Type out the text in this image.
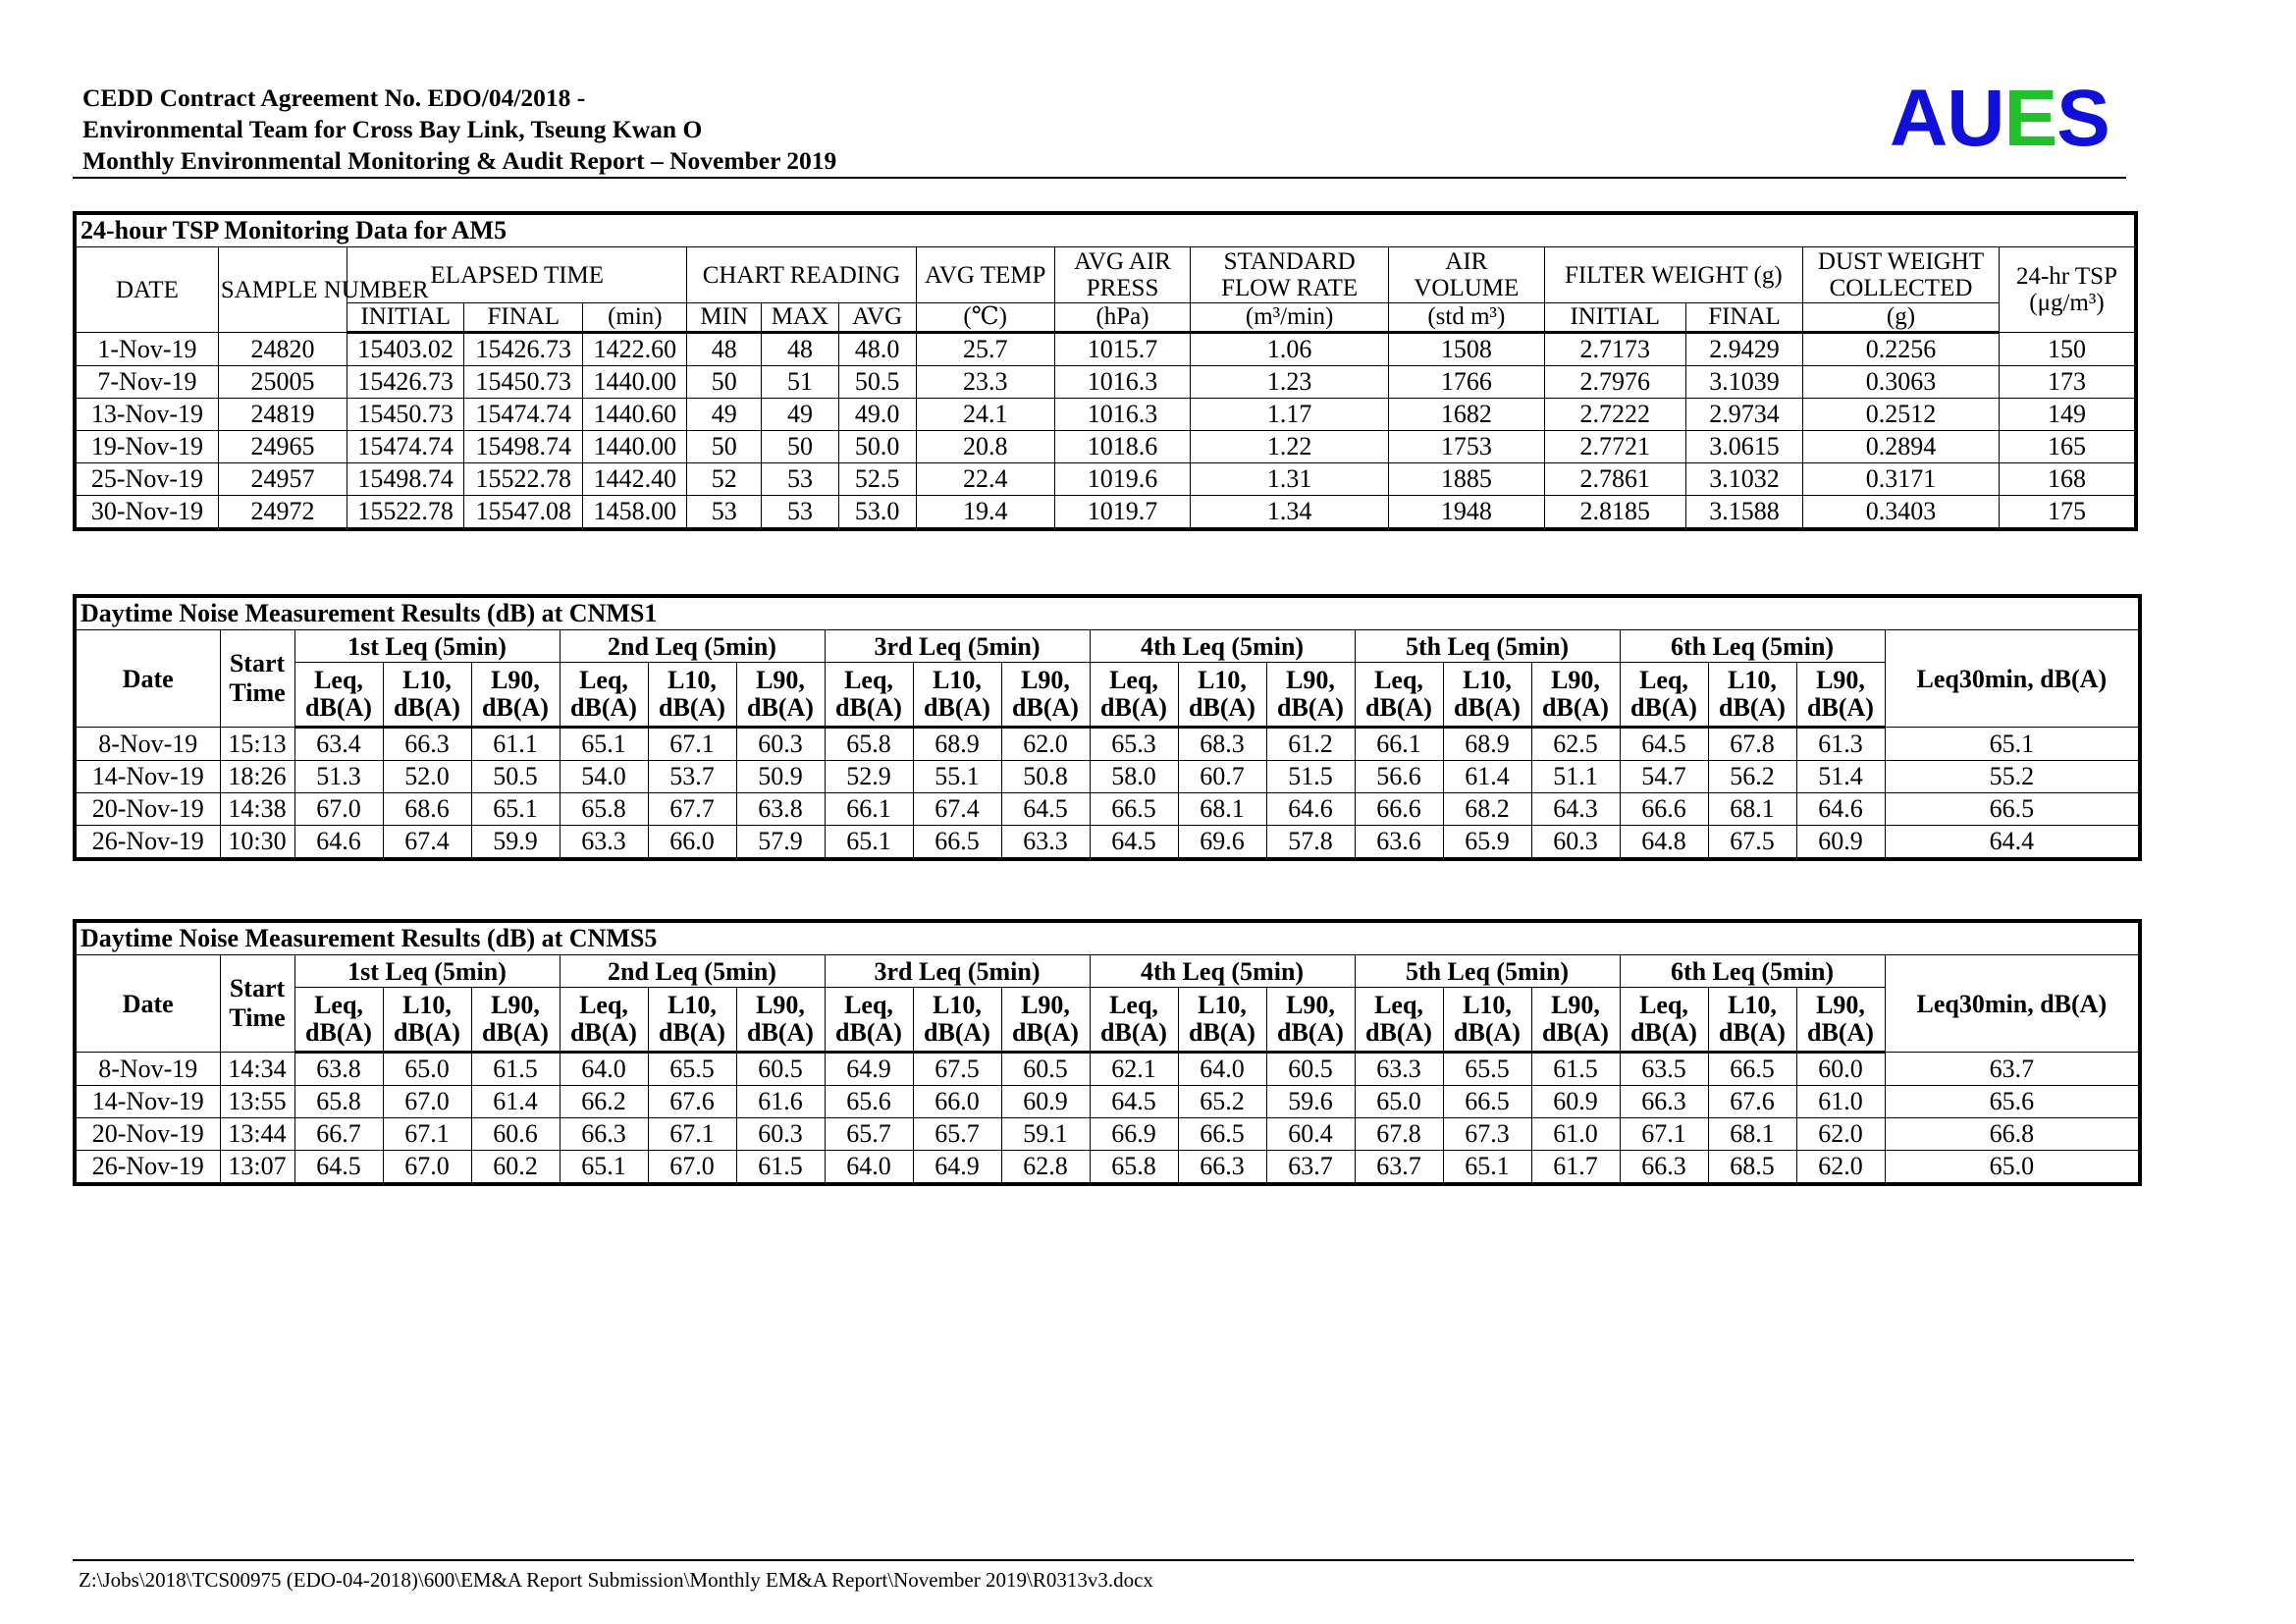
CEDD Contract Agreement No. EDO/04/2018 -
Environmental Team for Cross Bay Link, Tseung Kwan O
Monthly Environmental Monitoring & Audit Report – November 2019	AUES
24-hour TSP Monitoring Data for AM5															
DATE	SAMPLE NUMBER	ELAPSED TIME			CHART READING			AVG TEMP	AVG AIR PRESS	STANDARD FLOW RATE	AIR VOLUME	FILTER WEIGHT (g)		DUST WEIGHT COLLECTED	24-hr TSP
(μg/m³)
		INITIAL	FINAL	(min)	MIN	MAX	AVG	(℃)	(hPa)	(m³/min)	(std m³)	INITIAL	FINAL	(g)	
1-Nov-19	24820	15403.02	15426.73	1422.60	48	48	48.0	25.7	1015.7	1.06	1508	2.7173	2.9429	0.2256	150
7-Nov-19	25005	15426.73	15450.73	1440.00	50	51	50.5	23.3	1016.3	1.23	1766	2.7976	3.1039	0.3063	173
13-Nov-19	24819	15450.73	15474.74	1440.60	49	49	49.0	24.1	1016.3	1.17	1682	2.7222	2.9734	0.2512	149
19-Nov-19	24965	15474.74	15498.74	1440.00	50	50	50.0	20.8	1018.6	1.22	1753	2.7721	3.0615	0.2894	165
25-Nov-19	24957	15498.74	15522.78	1442.40	52	53	52.5	22.4	1019.6	1.31	1885	2.7861	3.1032	0.3171	168
30-Nov-19	24972	15522.78	15547.08	1458.00	53	53	53.0	19.4	1019.7	1.34	1948	2.8185	3.1588	0.3403	175
Daytime Noise Measurement Results (dB) at CNMS1																				
Date	Start Time	1st Leq (5min)			2nd Leq (5min)			3rd Leq (5min)			4th Leq (5min)			5th Leq (5min)			6th Leq (5min)			Leq30min, dB(A)
		Leq, dB(A)	L10, dB(A)	L90, dB(A)	Leq, dB(A)	L10, dB(A)	L90, dB(A)	Leq, dB(A)	L10, dB(A)	L90, dB(A)	Leq, dB(A)	L10, dB(A)	L90, dB(A)	Leq, dB(A)	L10, dB(A)	L90, dB(A)	Leq, dB(A)	L10, dB(A)	L90, dB(A)	
8-Nov-19	15:13	63.4	66.3	61.1	65.1	67.1	60.3	65.8	68.9	62.0	65.3	68.3	61.2	66.1	68.9	62.5	64.5	67.8	61.3	65.1
14-Nov-19	18:26	51.3	52.0	50.5	54.0	53.7	50.9	52.9	55.1	50.8	58.0	60.7	51.5	56.6	61.4	51.1	54.7	56.2	51.4	55.2
20-Nov-19	14:38	67.0	68.6	65.1	65.8	67.7	63.8	66.1	67.4	64.5	66.5	68.1	64.6	66.6	68.2	64.3	66.6	68.1	64.6	66.5
26-Nov-19	10:30	64.6	67.4	59.9	63.3	66.0	57.9	65.1	66.5	63.3	64.5	69.6	57.8	63.6	65.9	60.3	64.8	67.5	60.9	64.4
Daytime Noise Measurement Results (dB) at CNMS5																				
Date	Start Time	1st Leq (5min)			2nd Leq (5min)			3rd Leq (5min)			4th Leq (5min)			5th Leq (5min)			6th Leq (5min)			Leq30min, dB(A)
		Leq, dB(A)	L10, dB(A)	L90, dB(A)	Leq, dB(A)	L10, dB(A)	L90, dB(A)	Leq, dB(A)	L10, dB(A)	L90, dB(A)	Leq, dB(A)	L10, dB(A)	L90, dB(A)	Leq, dB(A)	L10, dB(A)	L90, dB(A)	Leq, dB(A)	L10, dB(A)	L90, dB(A)	
8-Nov-19	14:34	63.8	65.0	61.5	64.0	65.5	60.5	64.9	67.5	60.5	62.1	64.0	60.5	63.3	65.5	61.5	63.5	66.5	60.0	63.7
14-Nov-19	13:55	65.8	67.0	61.4	66.2	67.6	61.6	65.6	66.0	60.9	64.5	65.2	59.6	65.0	66.5	60.9	66.3	67.6	61.0	65.6
20-Nov-19	13:44	66.7	67.1	60.6	66.3	67.1	60.3	65.7	65.7	59.1	66.9	66.5	60.4	67.8	67.3	61.0	67.1	68.1	62.0	66.8
26-Nov-19	13:07	64.5	67.0	60.2	65.1	67.0	61.5	64.0	64.9	62.8	65.8	66.3	63.7	63.7	65.1	61.7	66.3	68.5	62.0	65.0
Z:\Jobs\2018\TCS00975 (EDO-04-2018)\600\EM&A Report Submission\Monthly EM&A Report\November 2019\R0313v3.docx
